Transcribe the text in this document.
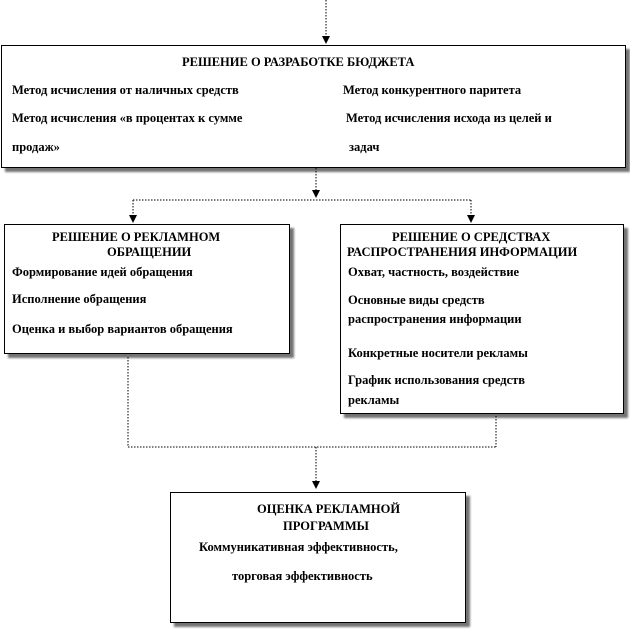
РЕШЕНИЕ О РАЗРАБОТКЕ БЮДЖЕТА
Метод исчисления от наличных средств	Метод конкурентного паритета
Метод исчисления «в процентах к сумме
продаж»
Метод исчисления исхода из целей и
задач
РЕШЕНИЕ О РЕКЛАМНОМ
ОБРАЩЕНИИ
Формирование идей обращения
Исполнение обращения
Оценка и выбор вариантов обращения
РЕШЕНИЕ О СРЕДСТВАХ
РАСПРОСТРАНЕНИЯ ИНФОРМАЦИИ
Охват, частность, воздействие
Основные виды средств
распространения информации
Конкретные носители рекламы
График использования средств
рекламы
ОЦЕНКА РЕКЛАМНОЙ
ПРОГРАММЫ
Коммуникативная эффективность,
торговая эффективность
